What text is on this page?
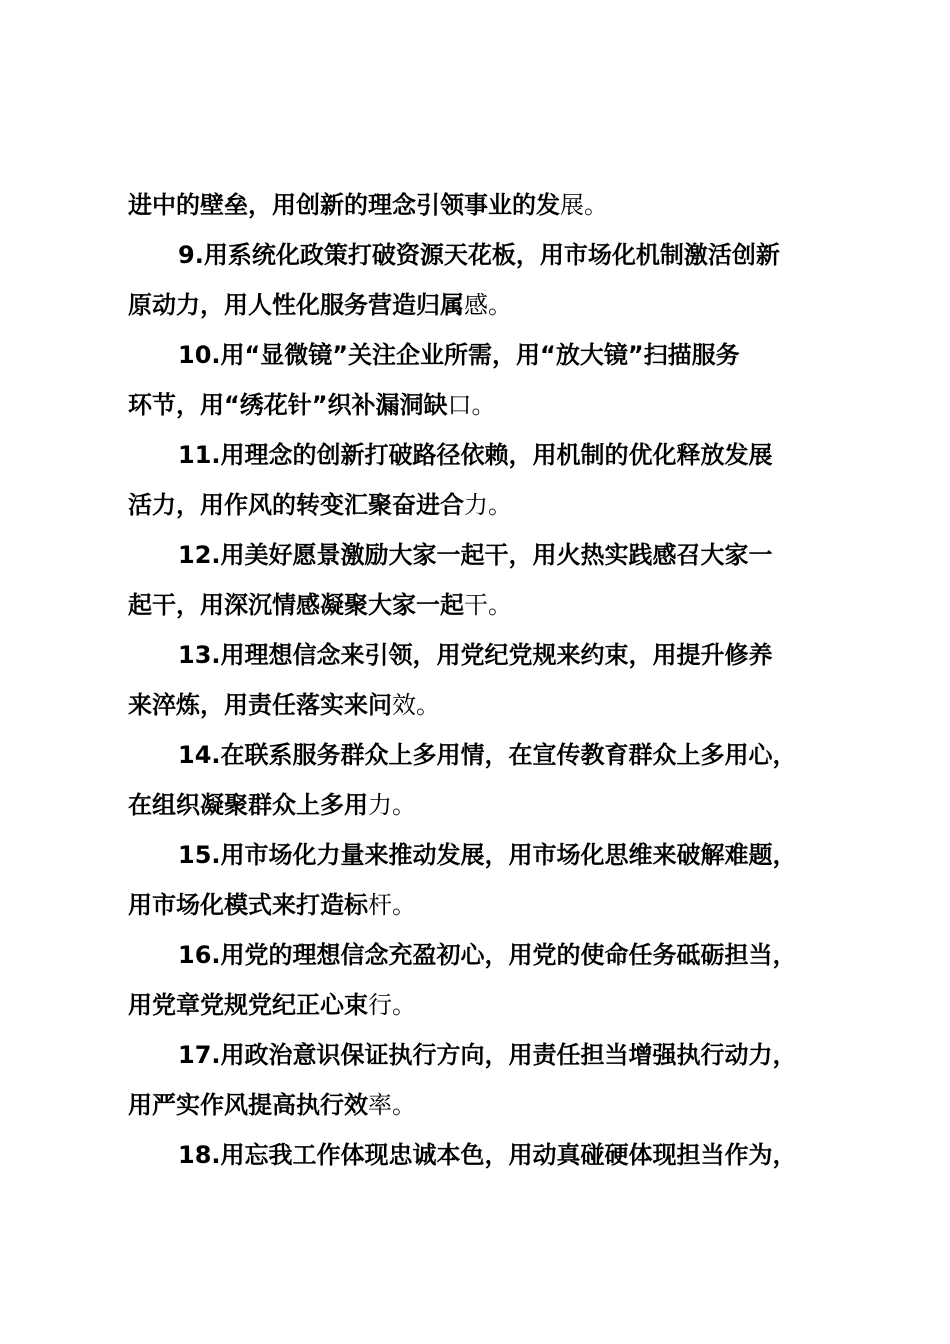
进中的壁垒，用创新的理念引领事业的发展。

9.用系统化政策打破资源天花板，用市场化机制激活创新
原动力，用人性化服务营造归属感。

10.用“显微镜”关注企业所需，用“放大镜”扫描服务
环节，用“绣花针”织补漏洞缺口。

11.用理念的创新打破路径依赖，用机制的优化释放发展
活力，用作风的转变汇聚奋进合力。

12.用美好愿景激励大家一起干，用火热实践感召大家一
起干，用深沉情感凝聚大家一起干。

13.用理想信念来引领，用党纪党规来约束，用提升修养
来淬炼，用责任落实来问效。

14.在联系服务群众上多用情，在宣传教育群众上多用心，
在组织凝聚群众上多用力。

15.用市场化力量来推动发展，用市场化思维来破解难题，
用市场化模式来打造标杆。

16.用党的理想信念充盈初心，用党的使命任务砥砺担当，
用党章党规党纪正心束行。

17.用政治意识保证执行方向，用责任担当增强执行动力，
用严实作风提高执行效率。

18.用忘我工作体现忠诚本色，用动真碰硬体现担当作为，
